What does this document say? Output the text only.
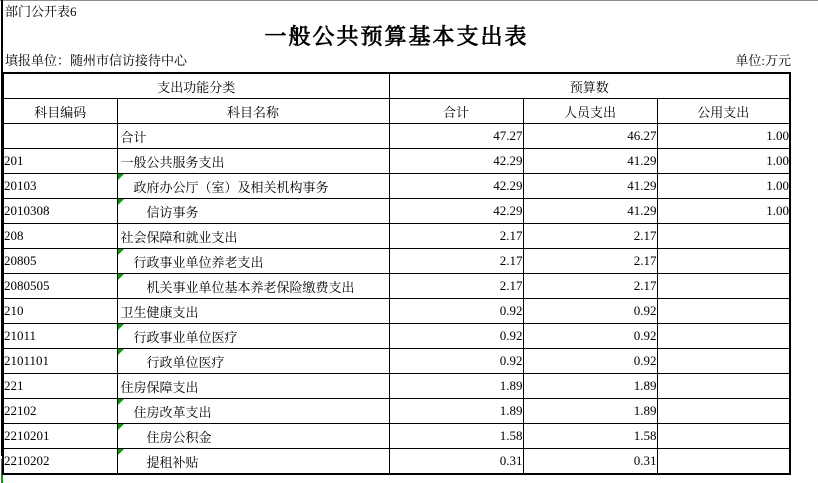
部门公开表6
一般公共预算基本支出表
填报单位：随州市信访接待中心	单位:万元
支出功能分类		预算数		
科目编码	科目名称	合计	人员支出	公用支出

	合计	47.27	46.27	1.00
201	一般公共服务支出	42.29	41.29	1.00
20103	政府办公厅（室）及相关机构事务	42.29	41.29	1.00
2010308	信访事务	42.29	41.29	1.00
208	社会保障和就业支出	2.17	2.17	
20805	行政事业单位养老支出	2.17	2.17	
2080505	机关事业单位基本养老保险缴费支出	2.17	2.17	
210	卫生健康支出	0.92	0.92	
21011	行政事业单位医疗	0.92	0.92	
2101101	行政单位医疗	0.92	0.92	
221	住房保障支出	1.89	1.89	
22102	住房改革支出	1.89	1.89	
2210201	住房公积金	1.58	1.58	
2210202	提租补贴	0.31	0.31	
